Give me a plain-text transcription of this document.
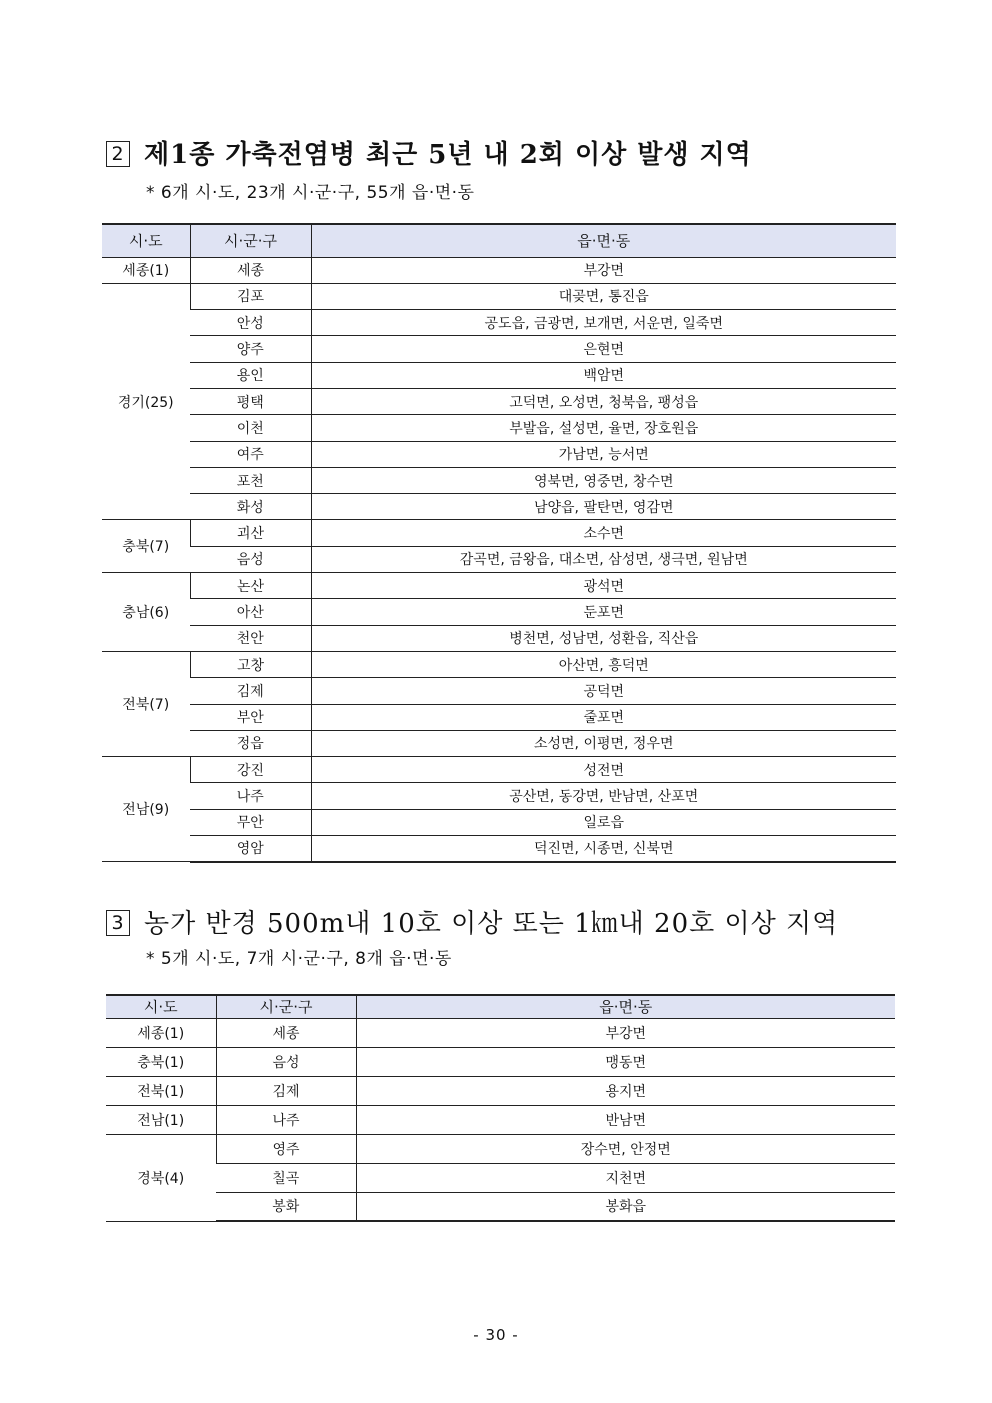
2 제1종 가축전염병 최근 5년 내 2회 이상 발생 지역
* 6개 시·도, 23개 시·군·구, 55개 읍·면·동
시·도	시·군·구	읍·면·동
세종(1)	세종	부강면
경기(25)	김포	대곶면, 통진읍
	안성	공도읍, 금광면, 보개면, 서운면, 일죽면
	양주	은현면
	용인	백암면
	평택	고덕면, 오성면, 청북읍, 팽성읍
	이천	부발읍, 설성면, 율면, 장호원읍
	여주	가남면, 능서면
	포천	영북면, 영중면, 창수면
	화성	남양읍, 팔탄면, 영감면
충북(7)	괴산	소수면
	음성	감곡면, 금왕읍, 대소면, 삼성면, 생극면, 원남면
충남(6)	논산	광석면
	아산	둔포면
	천안	병천면, 성남면, 성환읍, 직산읍
전북(7)	고창	아산면, 흥덕면
	김제	공덕면
	부안	줄포면
	정읍	소성면, 이평면, 정우면
전남(9)	강진	성전면
	나주	공산면, 동강면, 반남면, 산포면
	무안	일로읍
	영암	덕진면, 시종면, 신북면
3 농가 반경 500m내 10호 이상 또는 1㎞내 20호 이상 지역
* 5개 시·도, 7개 시·군·구, 8개 읍·면·동
시·도	시·군·구	읍·면·동
세종(1)	세종	부강면
충북(1)	음성	맹동면
전북(1)	김제	용지면
전남(1)	나주	반남면
경북(4)	영주	장수면, 안정면
	칠곡	지천면
	봉화	봉화읍
- 30 -
